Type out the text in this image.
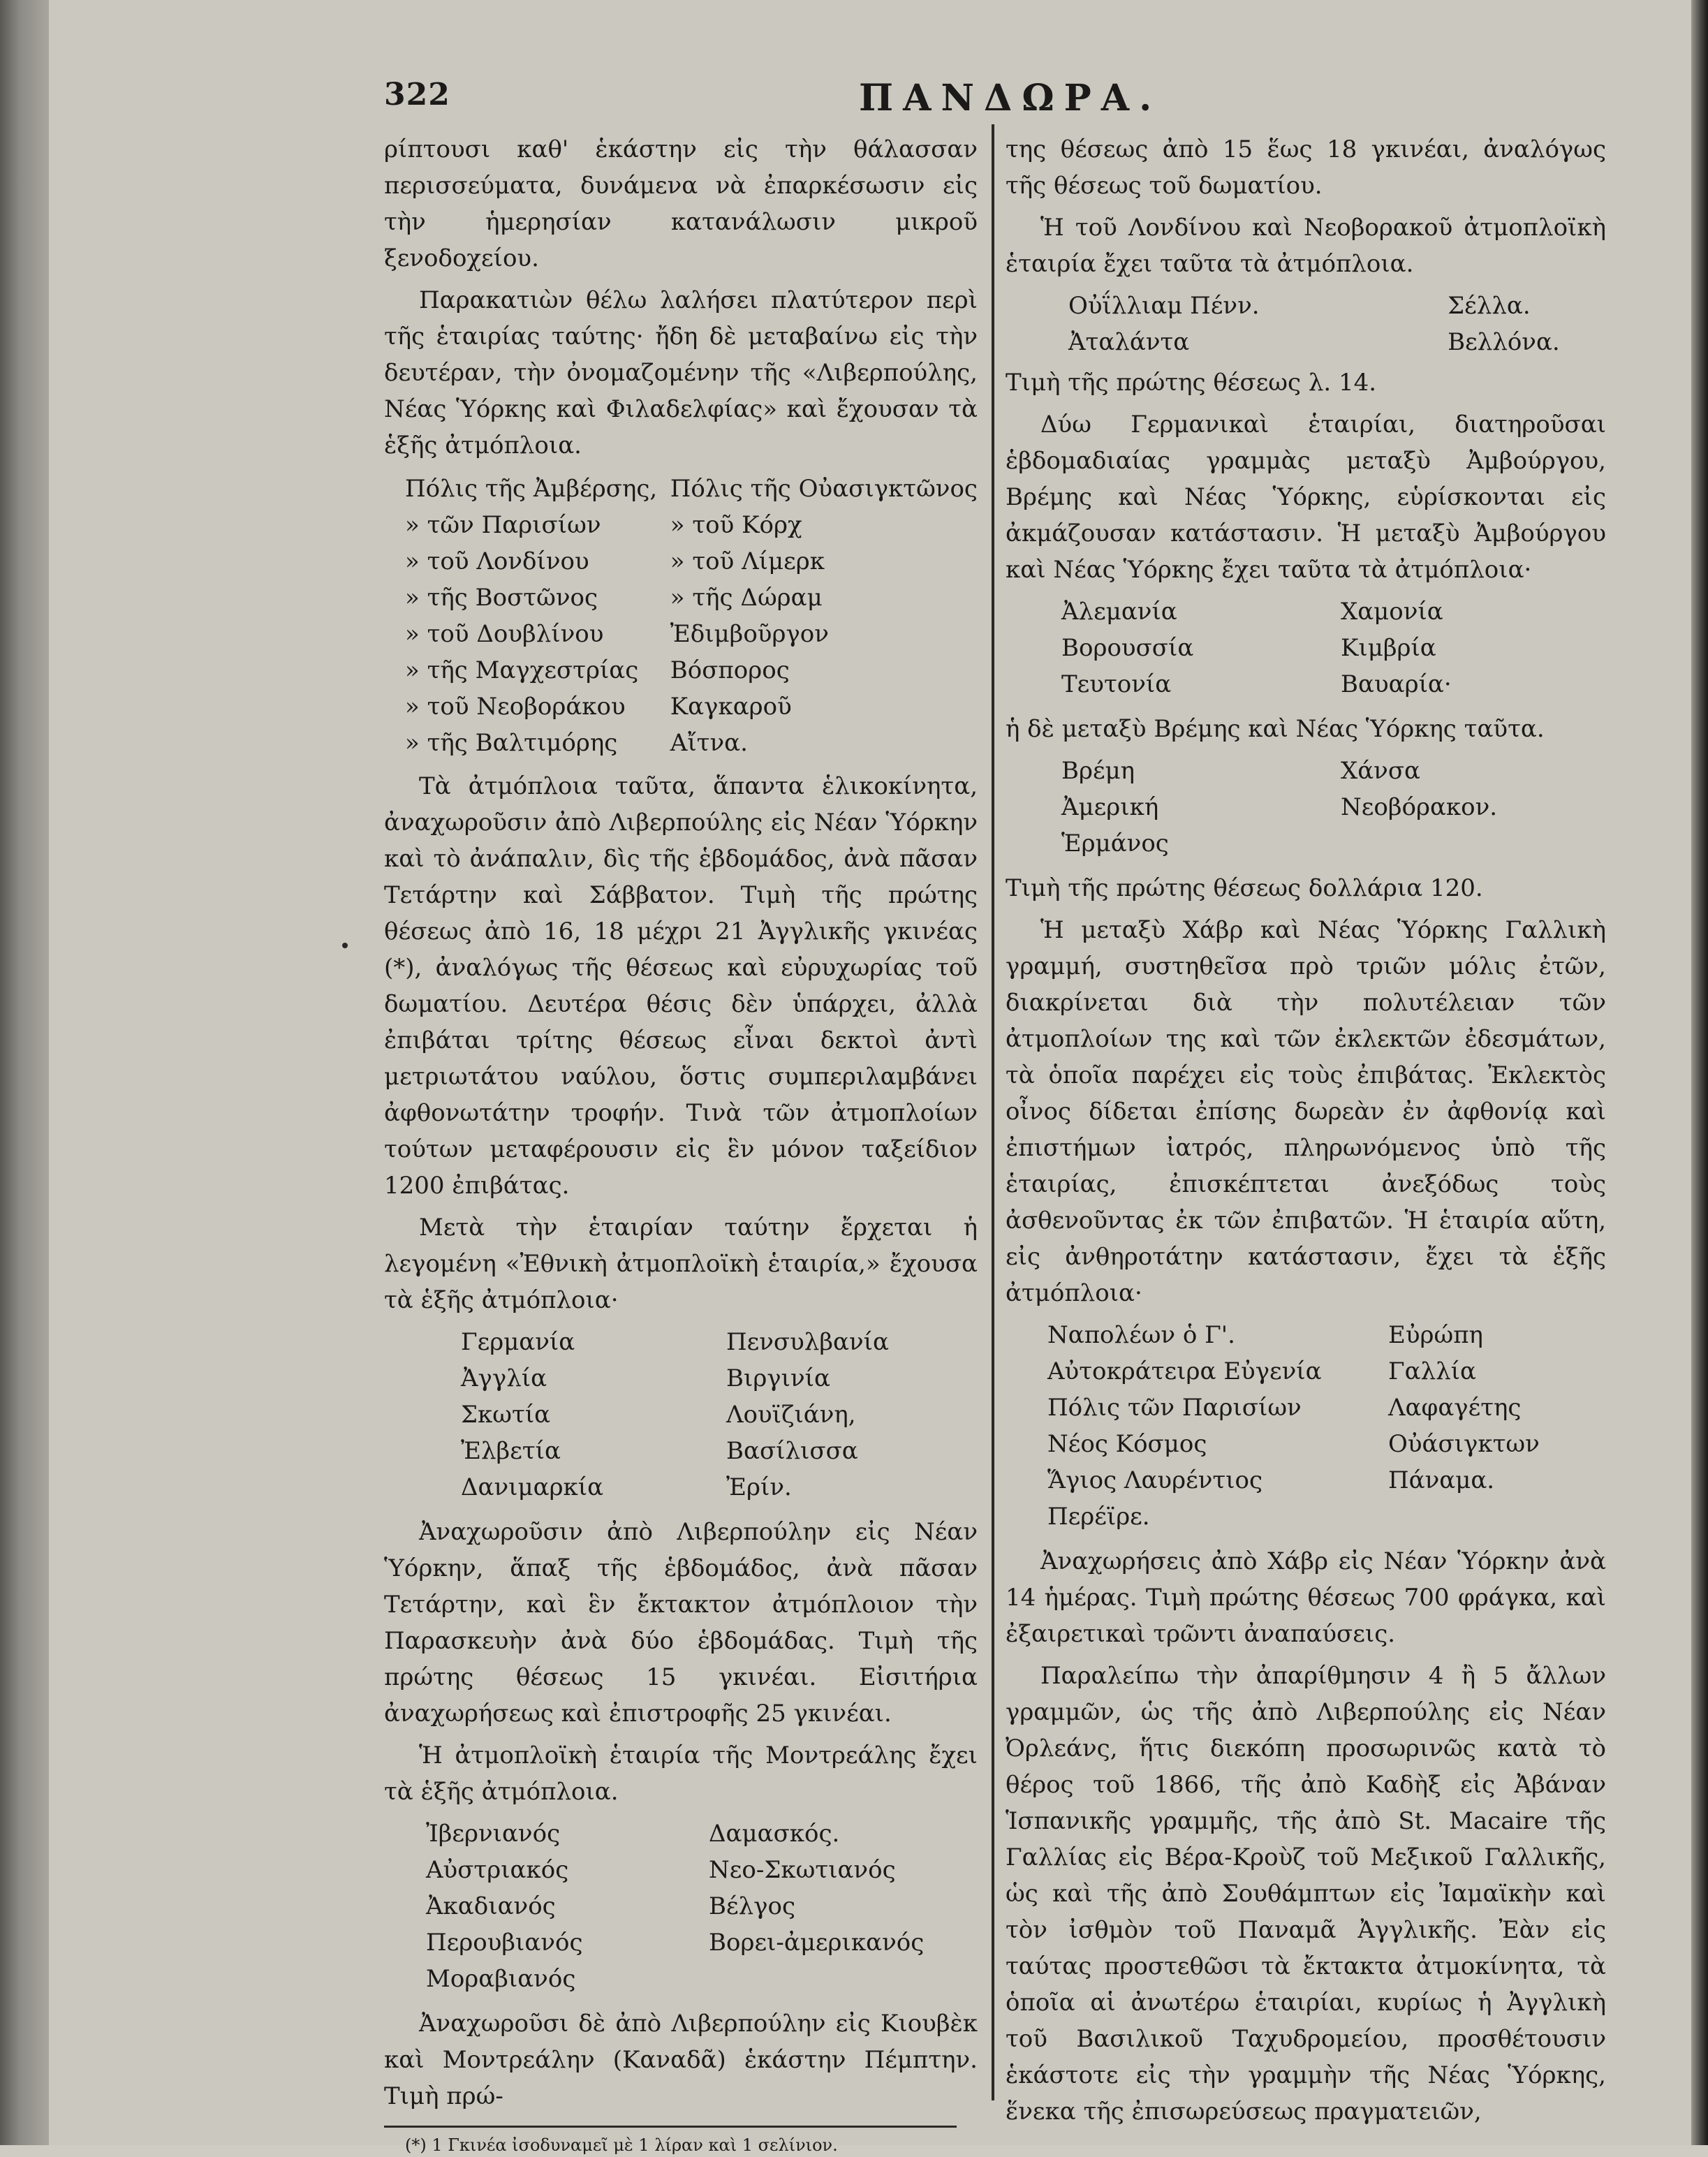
322	ΠΑΝΔΩΡΑ.

ρίπτουσι καθ' ἑκάστην εἰς τὴν θάλασσαν περισσεύματα, δυνάμενα νὰ ἐπαρκέσωσιν εἰς τὴν ἡμερησίαν κατανάλωσιν μικροῦ ξενοδοχείου.

Παρακατιὼν θέλω λαλήσει πλατύτερον περὶ τῆς ἑταιρίας ταύτης· ἤδη δὲ μεταβαίνω εἰς τὴν δευτέραν, τὴν ὀνομαζομένην τῆς «Λιβερπούλης, Νέας Ὑόρκης καὶ Φιλαδελφίας» καὶ ἔχουσαν τὰ ἑξῆς ἀτμόπλοια.

Πόλις τῆς Ἀμβέρσης, Πόλις τῆς Οὐασιγκτῶνος
» τῶν Παρισίων	» τοῦ Κόρχ
» τοῦ Λονδίνου	» τοῦ Λίμερκ
» τῆς Βοστῶνος	» τῆς Δώραμ
» τοῦ Δουβλίνου	Ἐδιμβοῦργον
» τῆς Μαγχεστρίας	Βόσπορος
» τοῦ Νεοβοράκου	Καγκαροῦ
» τῆς Βαλτιμόρης	Αἴτνα.

Τὰ ἀτμόπλοια ταῦτα, ἅπαντα ἑλικοκίνητα, ἀναχωροῦσιν ἀπὸ Λιβερπούλης εἰς Νέαν Ὑόρκην καὶ τὸ ἀνάπαλιν, δὶς τῆς ἑβδομάδος, ἀνὰ πᾶσαν Τετάρτην καὶ Σάββατον. Τιμὴ τῆς πρώτης θέσεως ἀπὸ 16, 18 μέχρι 21 Ἀγγλικῆς γκινέας (*), ἀναλόγως τῆς θέσεως καὶ εὐρυχωρίας τοῦ δωματίου. Δευτέρα θέσις δὲν ὑπάρχει, ἀλλὰ ἐπιβάται τρίτης θέσεως εἶναι δεκτοὶ ἀντὶ μετριωτάτου ναύλου, ὅστις συμπεριλαμβάνει ἀφθονωτάτην τροφήν. Τινὰ τῶν ἀτμοπλοίων τούτων μεταφέρουσιν εἰς ἓν μόνον ταξείδιον 1200 ἐπιβάτας.

Μετὰ τὴν ἑταιρίαν ταύτην ἔρχεται ἡ λεγομένη «Ἐθνικὴ ἀτμοπλοϊκὴ ἑταιρία,» ἔχουσα τὰ ἑξῆς ἀτμόπλοια·

Γερμανία	Πενσυλβανία
Ἀγγλία	Βιργινία
Σκωτία	Λουϊζιάνη,
Ἐλβετία	Βασίλισσα
Δανιμαρκία	Ἐρίν.

Ἀναχωροῦσιν ἀπὸ Λιβερπούλην εἰς Νέαν Ὑόρκην, ἅπαξ τῆς ἑβδομάδος, ἀνὰ πᾶσαν Τετάρτην, καὶ ἓν ἔκτακτον ἀτμόπλοιον τὴν Παρασκευὴν ἀνὰ δύο ἑβδομάδας. Τιμὴ τῆς πρώτης θέσεως 15 γκινέαι. Εἰσιτήρια ἀναχωρήσεως καὶ ἐπιστροφῆς 25 γκινέαι.

Ἡ ἀτμοπλοϊκὴ ἑταιρία τῆς Μοντρεάλης ἔχει τὰ ἑξῆς ἀτμόπλοια.

Ἰβερνιανός	Δαμασκός.
Αὐστριακός	Νεο-Σκωτιανός
Ἀκαδιανός	Βέλγος
Περουβιανός	Βορει-ἀμερικανός
Μοραβιανός

Ἀναχωροῦσι δὲ ἀπὸ Λιβερπούλην εἰς Κιουβὲκ καὶ Μοντρεάλην (Καναδᾶ) ἑκάστην Πέμπτην. Τιμὴ πρώ-

(*) 1 Γκινέα ἰσοδυναμεῖ μὲ 1 λίραν καὶ 1 σελίνιον.

της θέσεως ἀπὸ 15 ἕως 18 γκινέαι, ἀναλόγως τῆς θέσεως τοῦ δωματίου.

Ἡ τοῦ Λονδίνου καὶ Νεοβορακοῦ ἀτμοπλοϊκὴ ἑταιρία ἔχει ταῦτα τὰ ἀτμόπλοια.

Οὐΐλλιαμ Πένν.	Σέλλα.
Ἀταλάντα	Βελλόνα.

Τιμὴ τῆς πρώτης θέσεως λ. 14.

Δύω Γερμανικαὶ ἑταιρίαι, διατηροῦσαι ἑβδομαδιαίας γραμμὰς μεταξὺ Ἀμβούργου, Βρέμης καὶ Νέας Ὑόρκης, εὑρίσκονται εἰς ἀκμάζουσαν κατάστασιν. Ἡ μεταξὺ Ἀμβούργου καὶ Νέας Ὑόρκης ἔχει ταῦτα τὰ ἀτμόπλοια·

Ἀλεμανία	Χαμονία
Βορουσσία	Κιμβρία
Τευτονία	Βαυαρία·

ἡ δὲ μεταξὺ Βρέμης καὶ Νέας Ὑόρκης ταῦτα.

Βρέμη	Χάνσα
Ἀμερική	Νεοβόρακον.
Ἑρμάνος

Τιμὴ τῆς πρώτης θέσεως δολλάρια 120.

Ἡ μεταξὺ Χάβρ καὶ Νέας Ὑόρκης Γαλλικὴ γραμμή, συστηθεῖσα πρὸ τριῶν μόλις ἐτῶν, διακρίνεται διὰ τὴν πολυτέλειαν τῶν ἀτμοπλοίων της καὶ τῶν ἐκλεκτῶν ἐδεσμάτων, τὰ ὁποῖα παρέχει εἰς τοὺς ἐπιβάτας. Ἐκλεκτὸς οἶνος δίδεται ἐπίσης δωρεὰν ἐν ἀφθονίᾳ καὶ ἐπιστήμων ἰατρός, πληρωνόμενος ὑπὸ τῆς ἑταιρίας, ἐπισκέπτεται ἀνεξόδως τοὺς ἀσθενοῦντας ἐκ τῶν ἐπιβατῶν. Ἡ ἑταιρία αὕτη, εἰς ἀνθηροτάτην κατάστασιν, ἔχει τὰ ἑξῆς ἀτμόπλοια·

Ναπολέων ὁ Γ'.	Εὐρώπη
Αὐτοκράτειρα Εὐγενία	Γαλλία
Πόλις τῶν Παρισίων	Λαφαγέτης
Νέος Κόσμος	Οὐάσιγκτων
Ἅγιος Λαυρέντιος	Πάναμα.
Περέϊρε.

Ἀναχωρήσεις ἀπὸ Χάβρ εἰς Νέαν Ὑόρκην ἀνὰ 14 ἡμέρας. Τιμὴ πρώτης θέσεως 700 φράγκα, καὶ ἐξαιρετικαὶ τρῶντι ἀναπαύσεις.

Παραλείπω τὴν ἀπαρίθμησιν 4 ἢ 5 ἄλλων γραμμῶν, ὡς τῆς ἀπὸ Λιβερπούλης εἰς Νέαν Ὀρλεάνς, ἥτις διεκόπη προσωρινῶς κατὰ τὸ θέρος τοῦ 1866, τῆς ἀπὸ Καδὴξ εἰς Ἀβάναν Ἱσπανικῆς γραμμῆς, τῆς ἀπὸ St. Macaire τῆς Γαλλίας εἰς Βέρα-Κροὺζ τοῦ Μεξικοῦ Γαλλικῆς, ὡς καὶ τῆς ἀπὸ Σουθάμπτων εἰς Ἰαμαϊκὴν καὶ τὸν ἰσθμὸν τοῦ Παναμᾶ Ἀγγλικῆς. Ἐὰν εἰς ταύτας προστεθῶσι τὰ ἔκτακτα ἀτμοκίνητα, τὰ ὁποῖα αἱ ἀνωτέρω ἑταιρίαι, κυρίως ἡ Ἀγγλικὴ τοῦ Βασιλικοῦ Ταχυδρομείου, προσθέτουσιν ἑκάστοτε εἰς τὴν γραμμὴν τῆς Νέας Ὑόρκης, ἕνεκα τῆς ἐπισωρεύσεως πραγματειῶν,
